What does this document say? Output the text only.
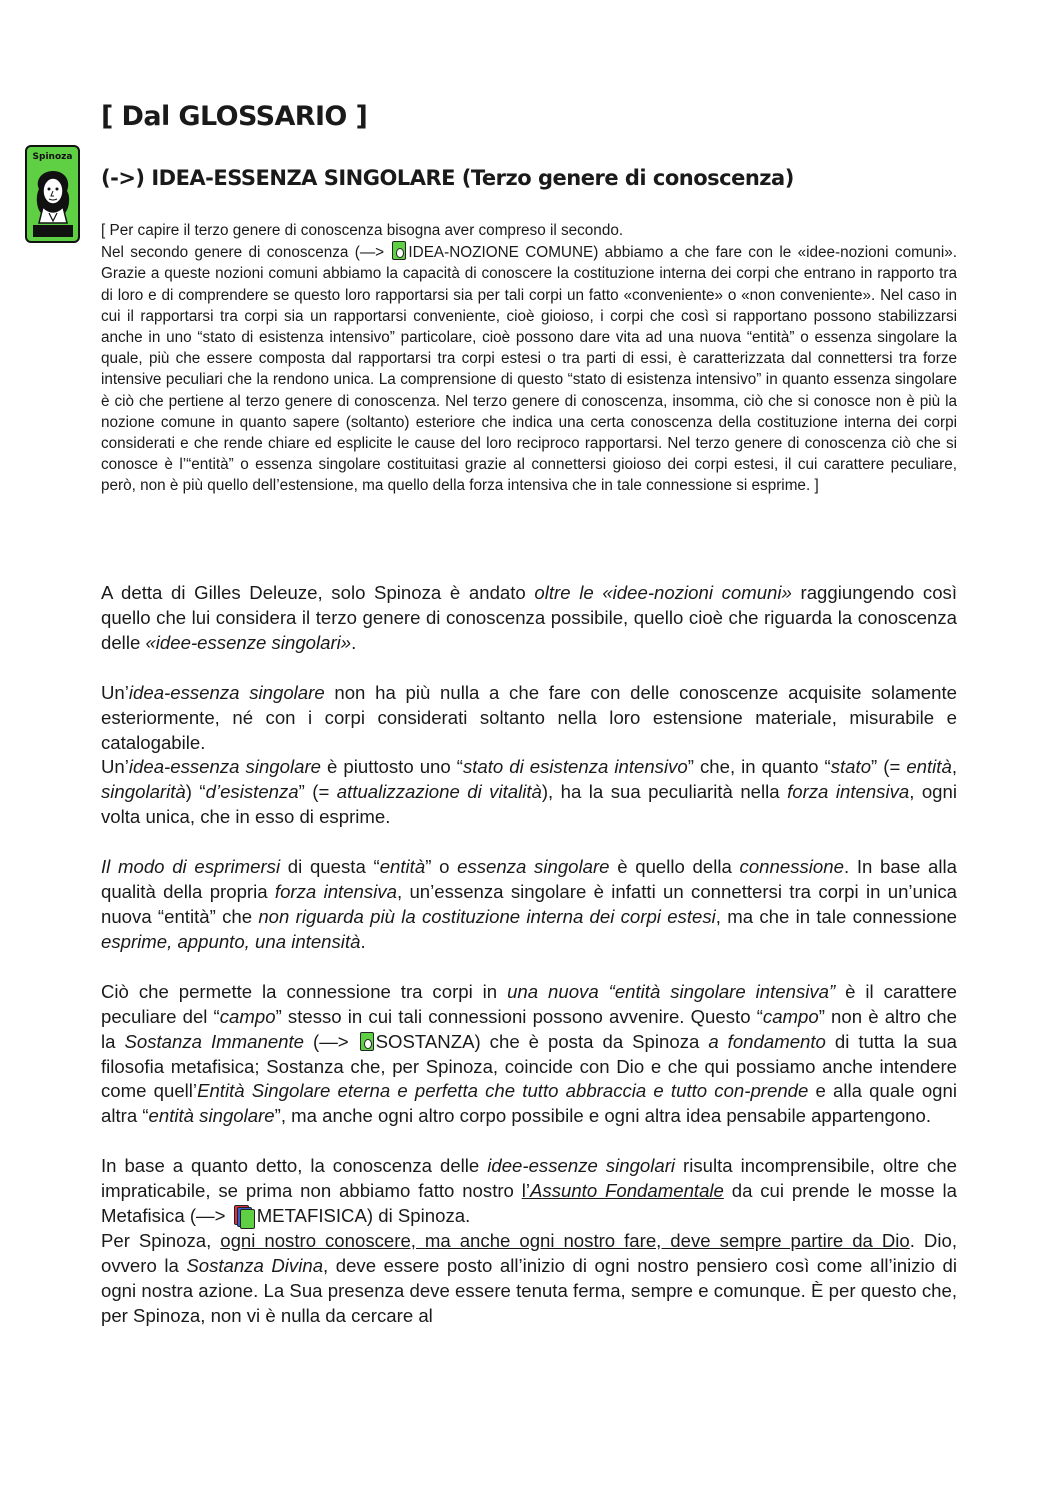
[ Dal GLOSSARIO ]
Spinoza
(->) IDEA-ESSENZA SINGOLARE (Terzo genere di conoscenza)

[ Per capire il terzo genere di conoscenza bisogna aver compreso il secondo.

Nel secondo genere di conoscenza (—> IDEA-NOZIONE COMUNE) abbiamo a che fare con le «idee-nozioni comuni». Grazie a queste nozioni comuni abbiamo la capacità di conoscere la costituzione interna dei corpi che entrano in rapporto tra di loro e di comprendere se questo loro rapportarsi sia per tali corpi un fatto «conveniente» o «non conveniente». Nel caso in cui il rapportarsi tra corpi sia un rapportarsi conveniente, cioè gioioso, i corpi che così si rapportano possono stabilizzarsi anche in uno “stato di esistenza intensivo” particolare, cioè possono dare vita ad una nuova “entità” o essenza singolare la quale, più che essere composta dal rapportarsi tra corpi estesi o tra parti di essi, è caratterizzata dal connettersi tra forze intensive peculiari che la rendono unica. La comprensione di questo “stato di esistenza intensivo” in quanto essenza singolare è ciò che pertiene al terzo genere di conoscenza. Nel terzo genere di conoscenza, insomma, ciò che si conosce non è più la nozione comune in quanto sapere (soltanto) esteriore che indica una certa conoscenza della costituzione interna dei corpi considerati e che rende chiare ed esplicite le cause del loro reciproco rapportarsi. Nel terzo genere di conoscenza ciò che si conosce è l’“entità” o essenza singolare costituitasi grazie al connettersi gioioso dei corpi estesi, il cui carattere peculiare, però, non è più quello dell’estensione, ma quello della forza intensiva che in tale connessione si esprime. ]

A detta di Gilles Deleuze, solo Spinoza è andato oltre le «idee-nozioni comuni» raggiungendo così quello che lui considera il terzo genere di conoscenza possibile, quello cioè che riguarda la conoscenza delle «idee-essenze singolari».

Un’idea-essenza singolare non ha più nulla a che fare con delle conoscenze acquisite solamente esteriormente, né con i corpi considerati soltanto nella loro estensione materiale, misurabile e catalogabile.

Un’idea-essenza singolare è piuttosto uno “stato di esistenza intensivo” che, in quanto “stato” (= entità, singolarità) “d’esistenza” (= attualizzazione di vitalità), ha la sua peculiarità nella forza intensiva, ogni volta unica, che in esso di esprime.

Il modo di esprimersi di questa “entità” o essenza singolare è quello della connessione. In base alla qualità della propria forza intensiva, un’essenza singolare è infatti un connettersi tra corpi in un’unica nuova “entità” che non riguarda più la costituzione interna dei corpi estesi, ma che in tale connessione esprime, appunto, una intensità.

Ciò che permette la connessione tra corpi in una nuova “entità singolare intensiva” è il carattere peculiare del “campo” stesso in cui tali connessioni possono avvenire. Questo “campo” non è altro che la Sostanza Immanente (—> SOSTANZA) che è posta da Spinoza a fondamento di tutta la sua filosofia metafisica; Sostanza che, per Spinoza, coincide con Dio e che qui possiamo anche intendere come quell’Entità Singolare eterna e perfetta che tutto abbraccia e tutto con-prende e alla quale ogni altra “entità singolare”, ma anche ogni altro corpo possibile e ogni altra idea pensabile appartengono.

In base a quanto detto, la conoscenza delle idee-essenze singolari risulta incomprensibile, oltre che impraticabile, se prima non abbiamo fatto nostro l’Assunto Fondamentale da cui prende le mosse la Metafisica (—>
METAFISICA) di Spinoza.

Per Spinoza, ogni nostro conoscere, ma anche ogni nostro fare, deve sempre partire da Dio. Dio, ovvero la Sostanza Divina, deve essere posto all’inizio di ogni nostro pensiero così come all’inizio di ogni nostra azione. La Sua presenza deve essere tenuta ferma, sempre e comunque. È per questo che, per Spinoza, non vi è nulla da cercare al
